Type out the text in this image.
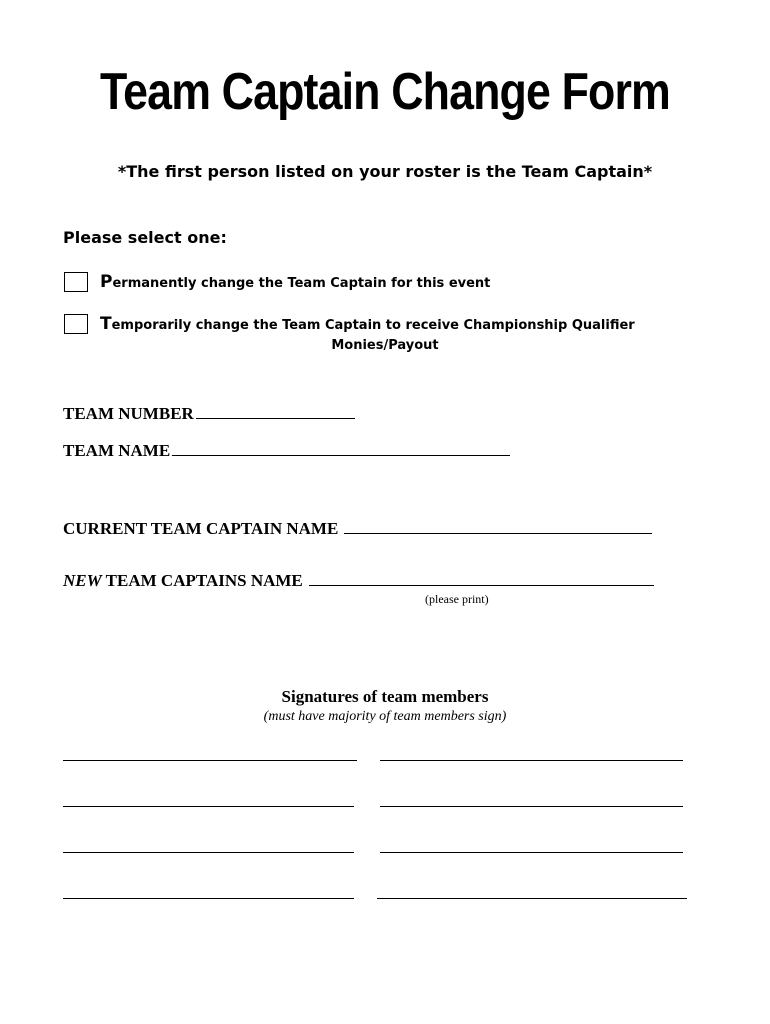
Team Captain Change Form
*The first person listed on your roster is the Team Captain*
Please select one:
Permanently change the Team Captain for this event
Temporarily change the Team Captain to receive Championship Qualifier
Monies/Payout
TEAM NUMBER
TEAM NAME
CURRENT TEAM CAPTAIN NAME
NEW TEAM CAPTAINS NAME
(please print)
Signatures of team members
(must have majority of team members sign)
